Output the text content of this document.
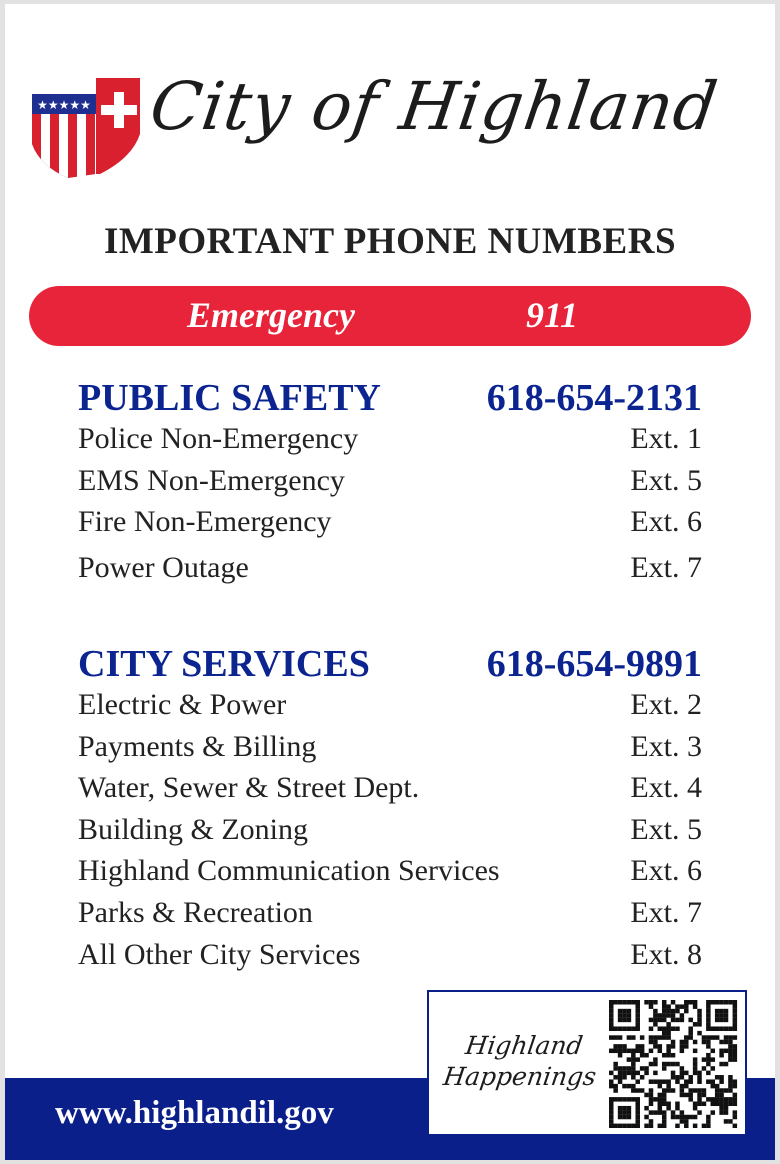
★★★★★ City of Highland
IMPORTANT PHONE NUMBERS
Emergency	911
PUBLIC SAFETY	618-654-2131
Police Non-Emergency	Ext. 1
EMS Non-Emergency	Ext. 5
Fire Non-Emergency	Ext. 6
Power Outage	Ext. 7
CITY SERVICES	618-654-9891
Electric & Power	Ext. 2
Payments & Billing	Ext. 3
Water, Sewer & Street Dept.	Ext. 4
Building & Zoning	Ext. 5
Highland Communication Services	Ext. 6
Parks & Recreation	Ext. 7
All Other City Services	Ext. 8
www.highlandil.gov
Highland
Happenings
